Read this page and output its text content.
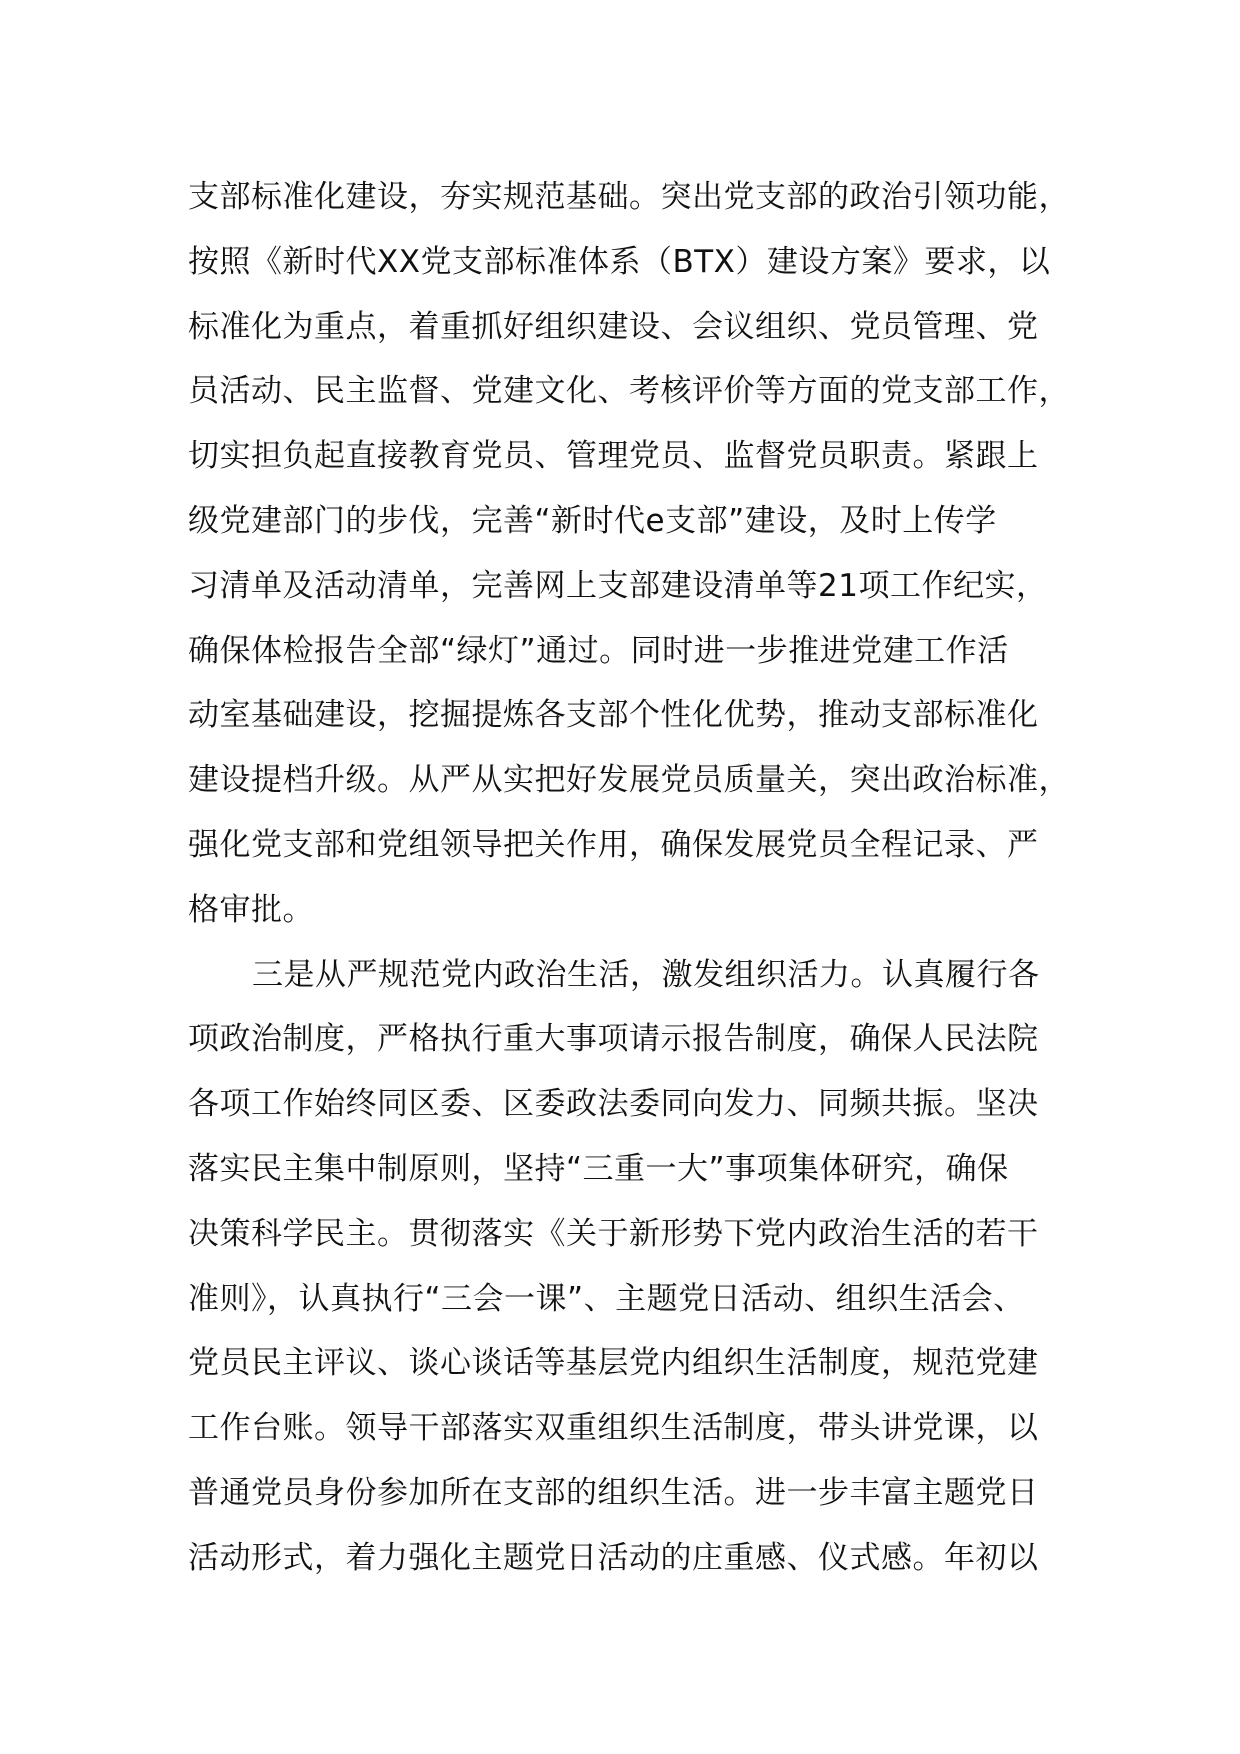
支部标准化建设，夯实规范基础。突出党支部的政治引领功能，
按照《新时代XX党支部标准体系（BTX）建设方案》要求，以
标准化为重点，着重抓好组织建设、会议组织、党员管理、党
员活动、民主监督、党建文化、考核评价等方面的党支部工作，
切实担负起直接教育党员、管理党员、监督党员职责。紧跟上
级党建部门的步伐，完善“新时代e支部”建设，及时上传学
习清单及活动清单，完善网上支部建设清单等21项工作纪实，
确保体检报告全部“绿灯”通过。同时进一步推进党建工作活
动室基础建设，挖掘提炼各支部个性化优势，推动支部标准化
建设提档升级。从严从实把好发展党员质量关，突出政治标准，
强化党支部和党组领导把关作用，确保发展党员全程记录、严
格审批。
三是从严规范党内政治生活，激发组织活力。认真履行各
项政治制度，严格执行重大事项请示报告制度，确保人民法院
各项工作始终同区委、区委政法委同向发力、同频共振。坚决
落实民主集中制原则，坚持“三重一大”事项集体研究，确保
决策科学民主。贯彻落实《关于新形势下党内政治生活的若干
准则》，认真执行“三会一课”、主题党日活动、组织生活会、
党员民主评议、谈心谈话等基层党内组织生活制度，规范党建
工作台账。领导干部落实双重组织生活制度，带头讲党课，以
普通党员身份参加所在支部的组织生活。进一步丰富主题党日
活动形式，着力强化主题党日活动的庄重感、仪式感。年初以
